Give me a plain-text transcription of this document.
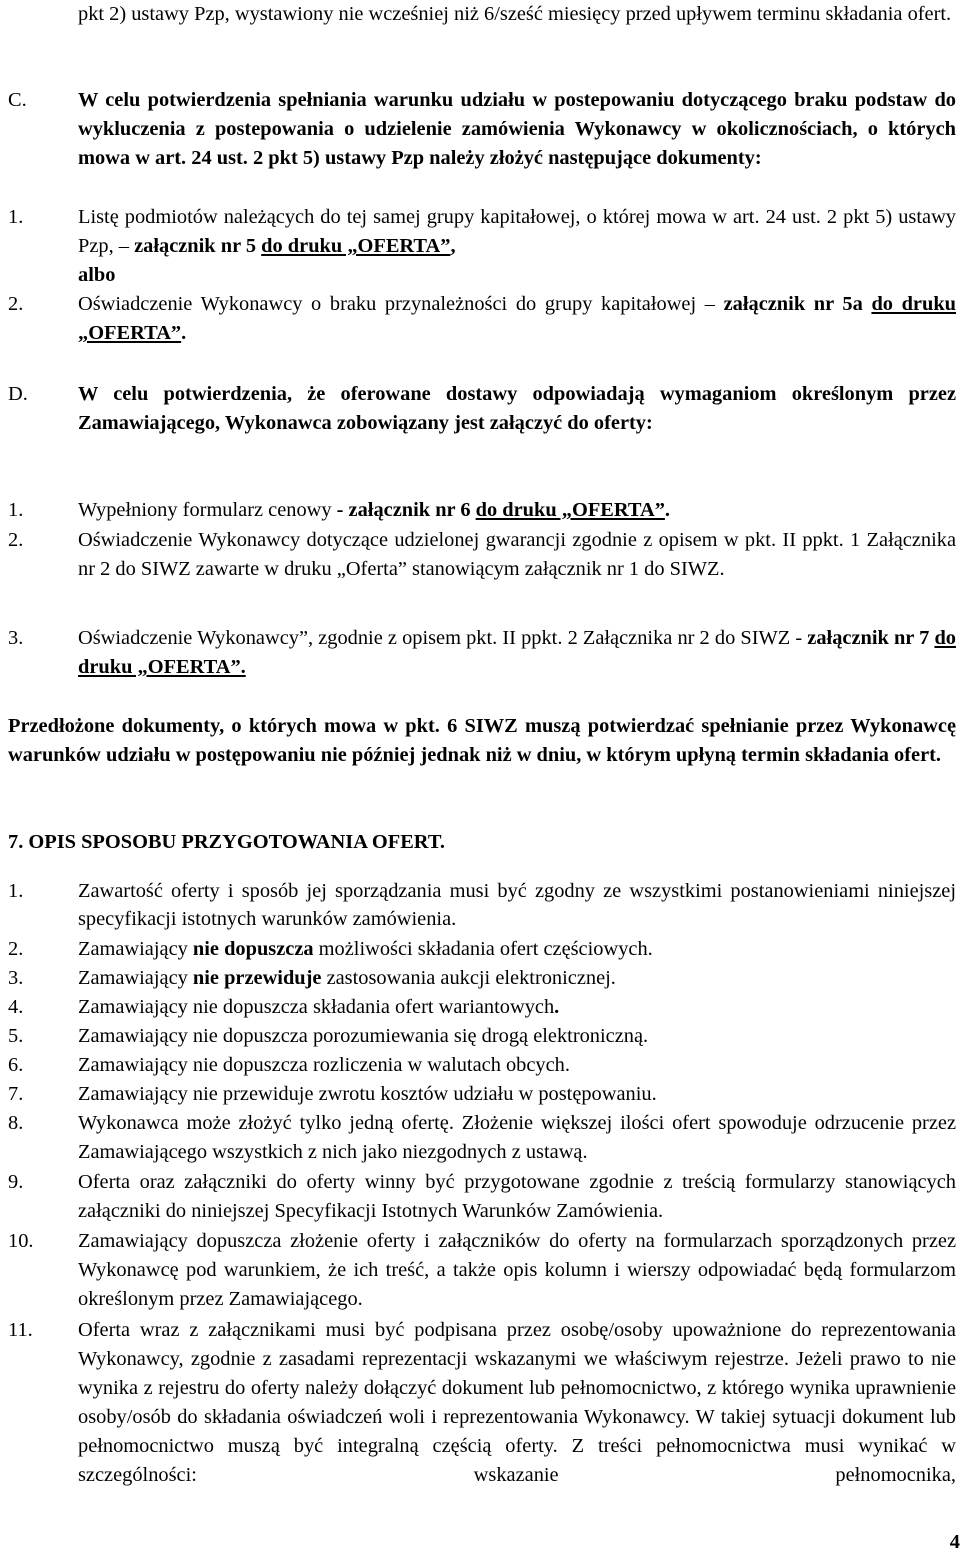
pkt 2) ustawy Pzp, wystawiony nie wcześniej niż 6/sześć miesięcy przed upływem terminu składania ofert.

C.	W celu potwierdzenia spełniania warunku udziału w postepowaniu dotyczącego braku podstaw do wykluczenia z postepowania o udzielenie zamówienia Wykonawcy w okolicznościach, o których mowa w art. 24 ust. 2 pkt 5) ustawy Pzp należy złożyć następujące dokumenty:

1.	Listę podmiotów należących do tej samej grupy kapitałowej, o której mowa w art. 24 ust. 2 pkt 5) ustawy Pzp, – załącznik nr 5 do druku „OFERTA”,
albo

2.	Oświadczenie Wykonawcy o braku przynależności do grupy kapitałowej – załącznik nr 5a do druku „OFERTA”.

D. W celu potwierdzenia, że oferowane dostawy odpowiadają wymaganiom określonym przez Zamawiającego, Wykonawca zobowiązany jest załączyć do oferty:

1.	Wypełniony formularz cenowy - załącznik nr 6 do druku „OFERTA”.

2.	Oświadczenie Wykonawcy dotyczące udzielonej gwarancji zgodnie z opisem w pkt. II ppkt. 1 Załącznika nr 2 do SIWZ zawarte w druku „Oferta” stanowiącym załącznik nr 1 do SIWZ.

3.	Oświadczenie Wykonawcy”, zgodnie z opisem pkt. II ppkt. 2 Załącznika nr 2 do SIWZ - załącznik nr 7 do druku „OFERTA”.

Przedłożone dokumenty, o których mowa w pkt. 6 SIWZ muszą potwierdzać spełnianie przez Wykonawcę warunków udziału w postępowaniu nie później jednak niż w dniu, w którym upłyną termin składania ofert.

7. OPIS SPOSOBU PRZYGOTOWANIA OFERT.

1.	Zawartość oferty i sposób jej sporządzania musi być zgodny ze wszystkimi postanowieniami niniejszej specyfikacji istotnych warunków zamówienia.

2.	Zamawiający nie dopuszcza możliwości składania ofert częściowych.

3.	Zamawiający nie przewiduje zastosowania aukcji elektronicznej.

4.	Zamawiający nie dopuszcza składania ofert wariantowych.

5.	Zamawiający nie dopuszcza porozumiewania się drogą elektroniczną.

6.	Zamawiający nie dopuszcza rozliczenia w walutach obcych.

7.	Zamawiający nie przewiduje zwrotu kosztów udziału w postępowaniu.

8.	Wykonawca może złożyć tylko jedną ofertę. Złożenie większej ilości ofert spowoduje odrzucenie przez Zamawiającego wszystkich z nich jako niezgodnych z ustawą.

9.	Oferta oraz załączniki do oferty winny być przygotowane zgodnie z treścią formularzy stanowiących załączniki do niniejszej Specyfikacji Istotnych Warunków Zamówienia.

10. Zamawiający dopuszcza złożenie oferty i załączników do oferty na formularzach sporządzonych przez Wykonawcę pod warunkiem, że ich treść, a także opis kolumn i wierszy odpowiadać będą formularzom określonym przez Zamawiającego.

11. Oferta wraz z załącznikami musi być podpisana przez osobę/osoby upoważnione do reprezentowania Wykonawcy, zgodnie z zasadami reprezentacji wskazanymi we właściwym rejestrze. Jeżeli prawo to nie wynika z rejestru do oferty należy dołączyć dokument lub pełnomocnictwo, z którego wynika uprawnienie osoby/osób do składania oświadczeń woli i reprezentowania Wykonawcy. W takiej sytuacji dokument lub pełnomocnictwo muszą być integralną częścią oferty. Z treści pełnomocnictwa musi wynikać w szczególności: wskazanie pełnomocnika,

4
